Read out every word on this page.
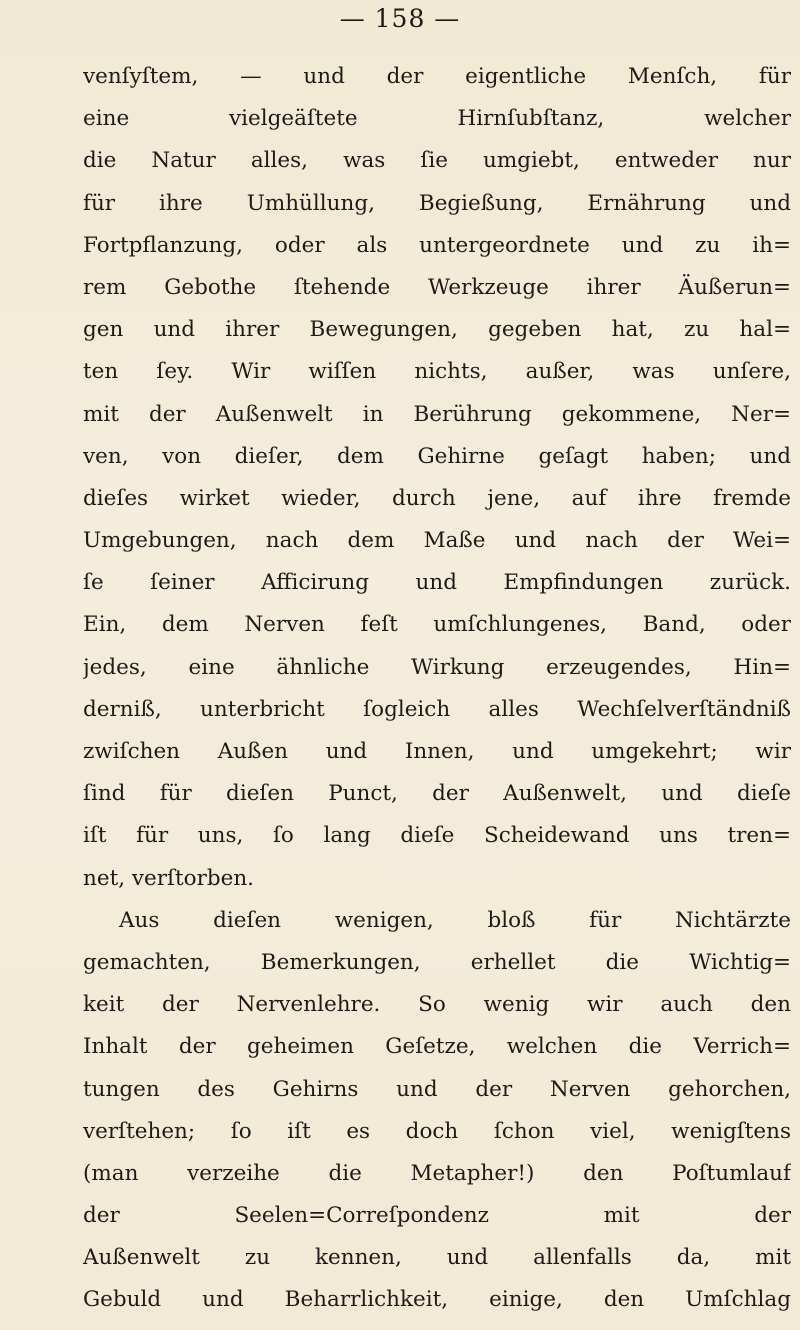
— 158 —
venſyſtem, — und der eigentliche Menſch, für
eine vielgeäſtete Hirnſubſtanz, welcher
die Natur alles, was ſie umgiebt, entweder nur
für ihre Umhüllung, Begießung, Ernährung und
Fortpflanzung, oder als untergeordnete und zu ih=
rem Gebothe ſtehende Werkzeuge ihrer Äußerun=
gen und ihrer Bewegungen, gegeben hat, zu hal=
ten ſey. Wir wiſſen nichts, außer, was unſere,
mit der Außenwelt in Berührung gekommene, Ner=
ven, von dieſer, dem Gehirne geſagt haben; und
dieſes wirket wieder, durch jene, auf ihre fremde
Umgebungen, nach dem Maße und nach der Wei=
ſe ſeiner Afficirung und Empfindungen zurück.
Ein, dem Nerven feſt umſchlungenes, Band, oder
jedes, eine ähnliche Wirkung erzeugendes, Hin=
derniß, unterbricht ſogleich alles Wechſelverſtändniß
zwiſchen Außen und Innen, und umgekehrt; wir
ſind für dieſen Punct, der Außenwelt, und dieſe
iſt für uns, ſo lang dieſe Scheidewand uns tren=
net, verſtorben.
Aus dieſen wenigen, bloß für Nichtärzte
gemachten, Bemerkungen, erhellet die Wichtig=
keit der Nervenlehre. So wenig wir auch den
Inhalt der geheimen Geſetze, welchen die Verrich=
tungen des Gehirns und der Nerven gehorchen,
verſtehen; ſo iſt es doch ſchon viel, wenigſtens
(man verzeihe die Metapher!) den Poſtumlauf
der Seelen=Correſpondenz mit der
Außenwelt zu kennen, und allenfalls da, mit
Gebuld und Beharrlichkeit, einige, den Umſchlag
